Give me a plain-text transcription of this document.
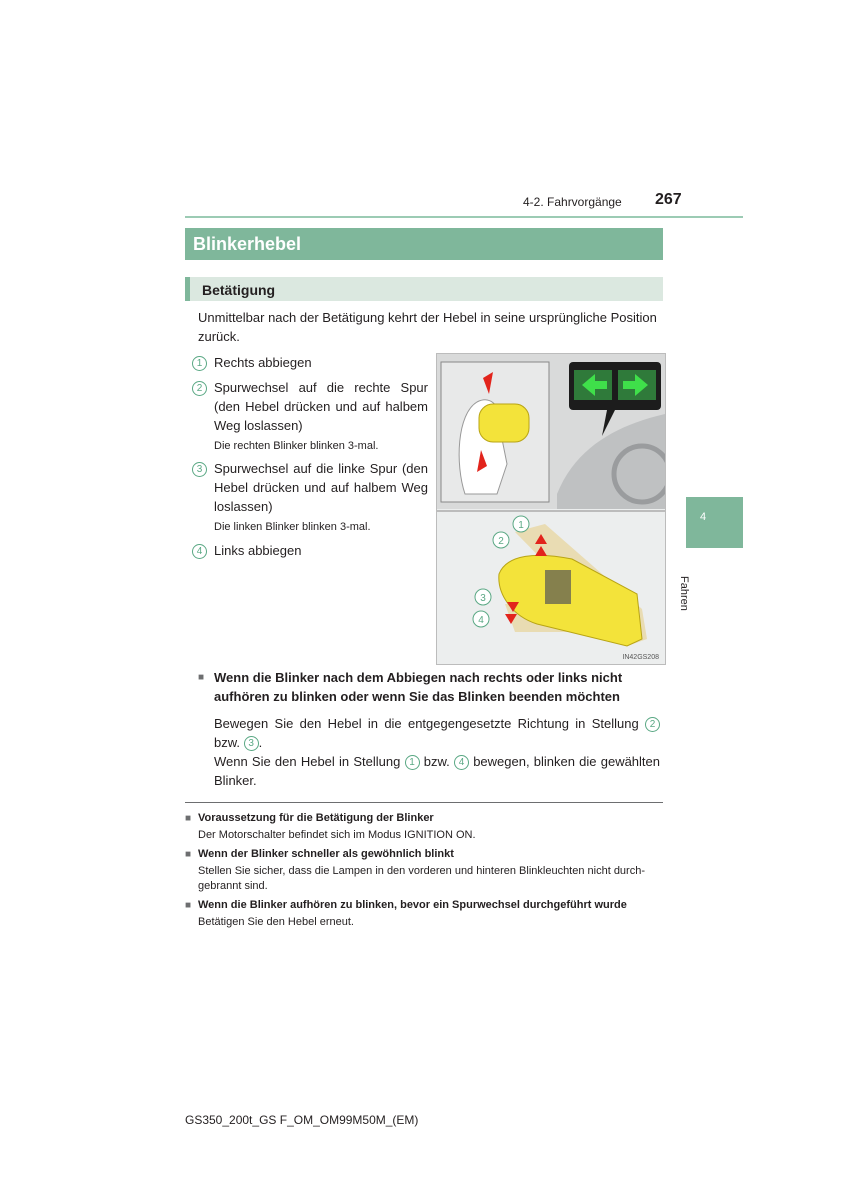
4-2. Fahrvorgänge 267
Blinkerhebel
Betätigung
Unmittelbar nach der Betätigung kehrt der Hebel in seine ursprüngliche Position zurück.
1 Rechts abbiegen
2 Spurwechsel auf die rechte Spur (den Hebel drücken und auf halbem Weg loslassen)
Die rechten Blinker blinken 3-mal.
3 Spurwechsel auf die linke Spur (den Hebel drücken und auf halbem Weg loslassen)
Die linken Blinker blinken 3-mal.
4 Links abbiegen
1
2
3
4
IN42GS208
■ Wenn die Blinker nach dem Abbiegen nach rechts oder links nicht aufhören zu blinken oder wenn Sie das Blinken beenden möchten
Bewegen Sie den Hebel in die entgegengesetzte Richtung in Stellung 2 bzw. 3 .
Wenn Sie den Hebel in Stellung 1 bzw. 4 bewegen, blinken die gewählten Blinker.
■ Voraussetzung für die Betätigung der Blinker
Der Motorschalter befindet sich im Modus IGNITION ON.
■ Wenn der Blinker schneller als gewöhnlich blinkt
Stellen Sie sicher, dass die Lampen in den vorderen und hinteren Blinkleuchten nicht durch-gebrannt sind.
■ Wenn die Blinker aufhören zu blinken, bevor ein Spurwechsel durchgeführt wurde
Betätigen Sie den Hebel erneut.
4
Fahren
GS350_200t_GS F_OM_OM99M50M_(EM)
